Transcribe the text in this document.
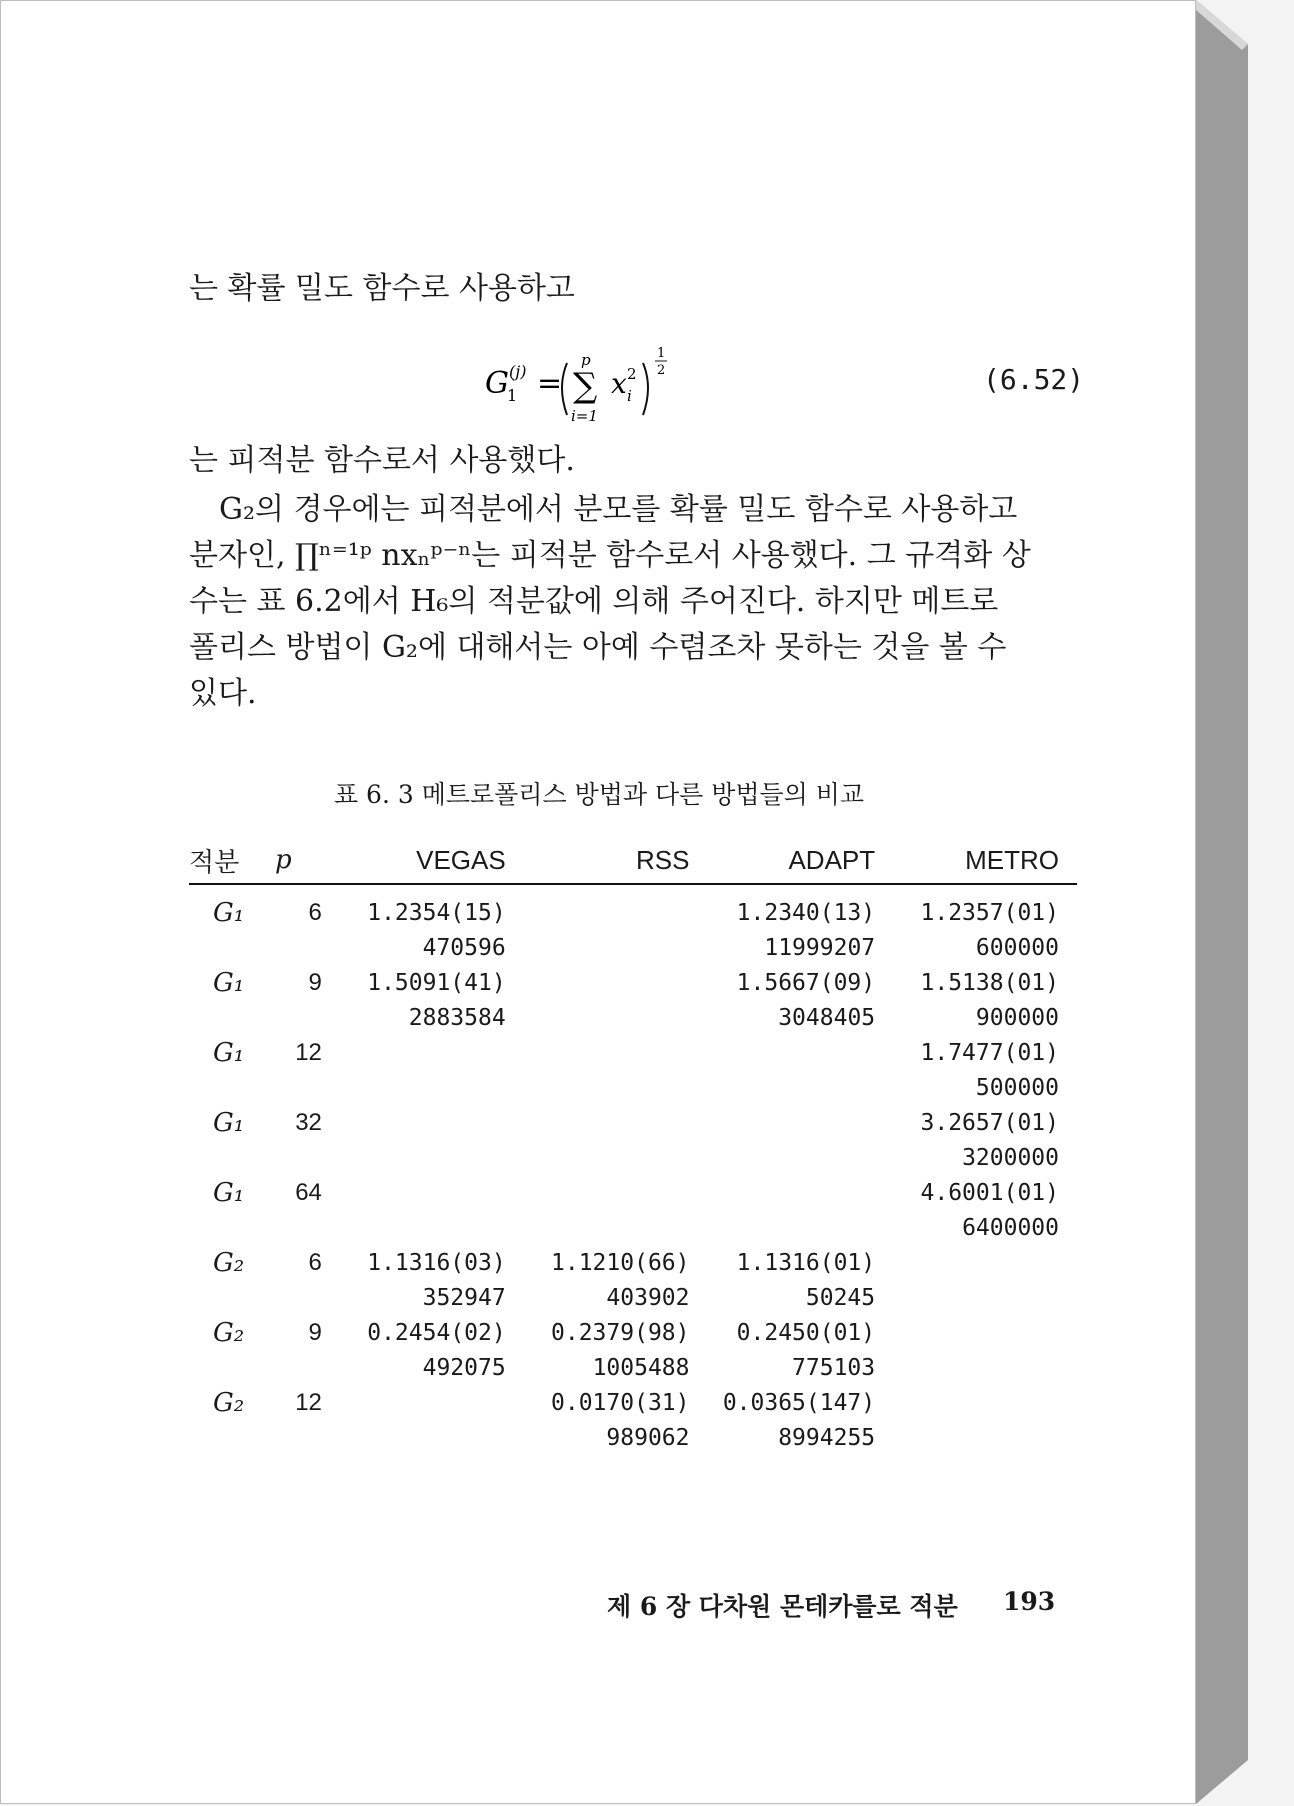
는 확률 밀도 함수로 사용하고
G
1
(j) = ∑
p
i=1
x 2
i
1
2	(6.52)
는 피적분 함수로서 사용했다.
G₂의 경우에는 피적분에서 분모를 확률 밀도 함수로 사용하고
분자인, ∏ⁿ⁼¹ᵖ nxₙᵖ⁻ⁿ는 피적분 함수로서 사용했다. 그 규격화 상
수는 표 6.2에서 H₆의 적분값에 의해 주어진다. 하지만 메트로
폴리스 방법이 G₂에 대해서는 아예 수렴조차 못하는 것을 볼 수
있다.
표 6. 3 메트로폴리스 방법과 다른 방법들의 비교
적분	p	VEGAS	RSS	ADAPT	METRO
G₁	6	1.2354(15)		1.2340(13)	1.2357(01)
		470596		11999207	600000
G₁	9	1.5091(41)		1.5667(09)	1.5138(01)
		2883584		3048405	900000
G₁	12				1.7477(01)
					500000
G₁	32				3.2657(01)
					3200000
G₁	64				4.6001(01)
					6400000
G₂	6	1.1316(03)	1.1210(66)	1.1316(01)	
		352947	403902	50245	
G₂	9	0.2454(02)	0.2379(98)	0.2450(01)	
		492075	1005488	775103	
G₂	12		0.0170(31)	0.0365(147)	
			989062	8994255	
제 6 장 다차원 몬테카를로 적분 193
